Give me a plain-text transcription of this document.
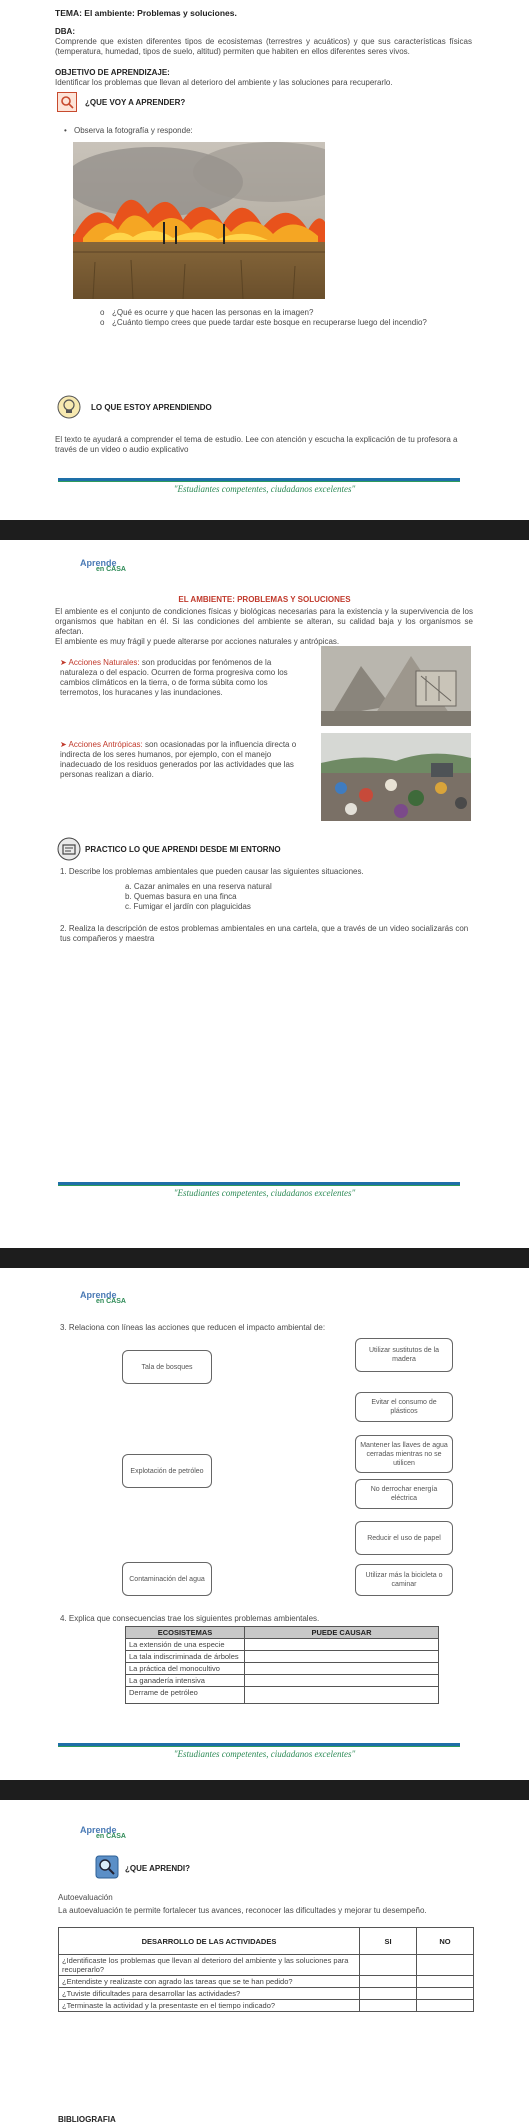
TEMA: El ambiente: Problemas y soluciones.
DBA:
Comprende que existen diferentes tipos de ecosistemas (terrestres y acuáticos) y que sus características físicas (temperatura, humedad, tipos de suelo, altitud) permiten que habiten en ellos diferentes seres vivos.
OBJETIVO DE APRENDIZAJE:
Identificar los problemas que llevan al deterioro del ambiente y las soluciones para recuperarlo.
¿QUE VOY A APRENDER?
• Observa la fotografía y responde:
o ¿Qué es ocurre y que hacen las personas en la imagen?
o ¿Cuánto tiempo crees que puede tardar este bosque en recuperarse luego del incendio?
LO QUE ESTOY APRENDIENDO
El texto te ayudará a comprender el tema de estudio. Lee con atención y escucha la explicación de tu profesora a través de un video o audio explicativo
"Estudiantes competentes, ciudadanos excelentes"
Aprende
en CASA
EL AMBIENTE: PROBLEMAS Y SOLUCIONES
El ambiente es el conjunto de condiciones físicas y biológicas necesarias para la existencia y la supervivencia de los organismos que habitan en él. Si las condiciones del ambiente se alteran, su calidad baja y los organismos se afectan.
El ambiente es muy frágil y puede alterarse por acciones naturales y antrópicas.
➤ Acciones Naturales: son producidas por fenómenos de la naturaleza o del espacio. Ocurren de forma progresiva como los cambios climáticos en la tierra, o de forma súbita como los terremotos, los huracanes y las inundaciones.
➤ Acciones Antrópicas: son ocasionadas por la influencia directa o indirecta de los seres humanos, por ejemplo, con el manejo inadecuado de los residuos generados por las actividades que las personas realizan a diario.
PRACTICO LO QUE APRENDI DESDE MI ENTORNO
1. Describe los problemas ambientales que pueden causar las siguientes situaciones.
a. Cazar animales en una reserva natural
b. Quemas basura en una finca
c. Fumigar el jardín con plaguicidas
2. Realiza la descripción de estos problemas ambientales en una cartela, que a través de un video socializarás con tus compañeros y maestra
"Estudiantes competentes, ciudadanos excelentes"
Aprende
en CASA
3. Relaciona con líneas las acciones que reducen el impacto ambiental de:
Tala de bosques
Explotación de petróleo
Contaminación del agua
Utilizar sustitutos de la madera
Evitar el consumo de plásticos
Mantener las llaves de agua cerradas mientras no se utilicen
No derrochar energía eléctrica
Reducir el uso de papel
Utilizar más la bicicleta o caminar
4. Explica que consecuencias trae los siguientes problemas ambientales.
ECOSISTEMAS	PUEDE CAUSAR
La extensión de una especie	
La tala indiscriminada de árboles	
La práctica del monocultivo	
La ganadería intensiva	
Derrame de petróleo	
"Estudiantes competentes, ciudadanos excelentes"
Aprende
en CASA
¿QUE APRENDI?
Autoevaluación
La autoevaluación te permite fortalecer tus avances, reconocer las dificultades y mejorar tu desempeño.
DESARROLLO DE LAS ACTIVIDADES	SI	NO
¿Identificaste los problemas que llevan al deterioro del ambiente y las soluciones para recuperarlo?		
¿Entendiste y realizaste con agrado las tareas que se te han pedido?		
¿Tuviste dificultades para desarrollar las actividades?		
¿Terminaste la actividad y la presentaste en el tiempo indicado?		
BIBLIOGRAFIA
